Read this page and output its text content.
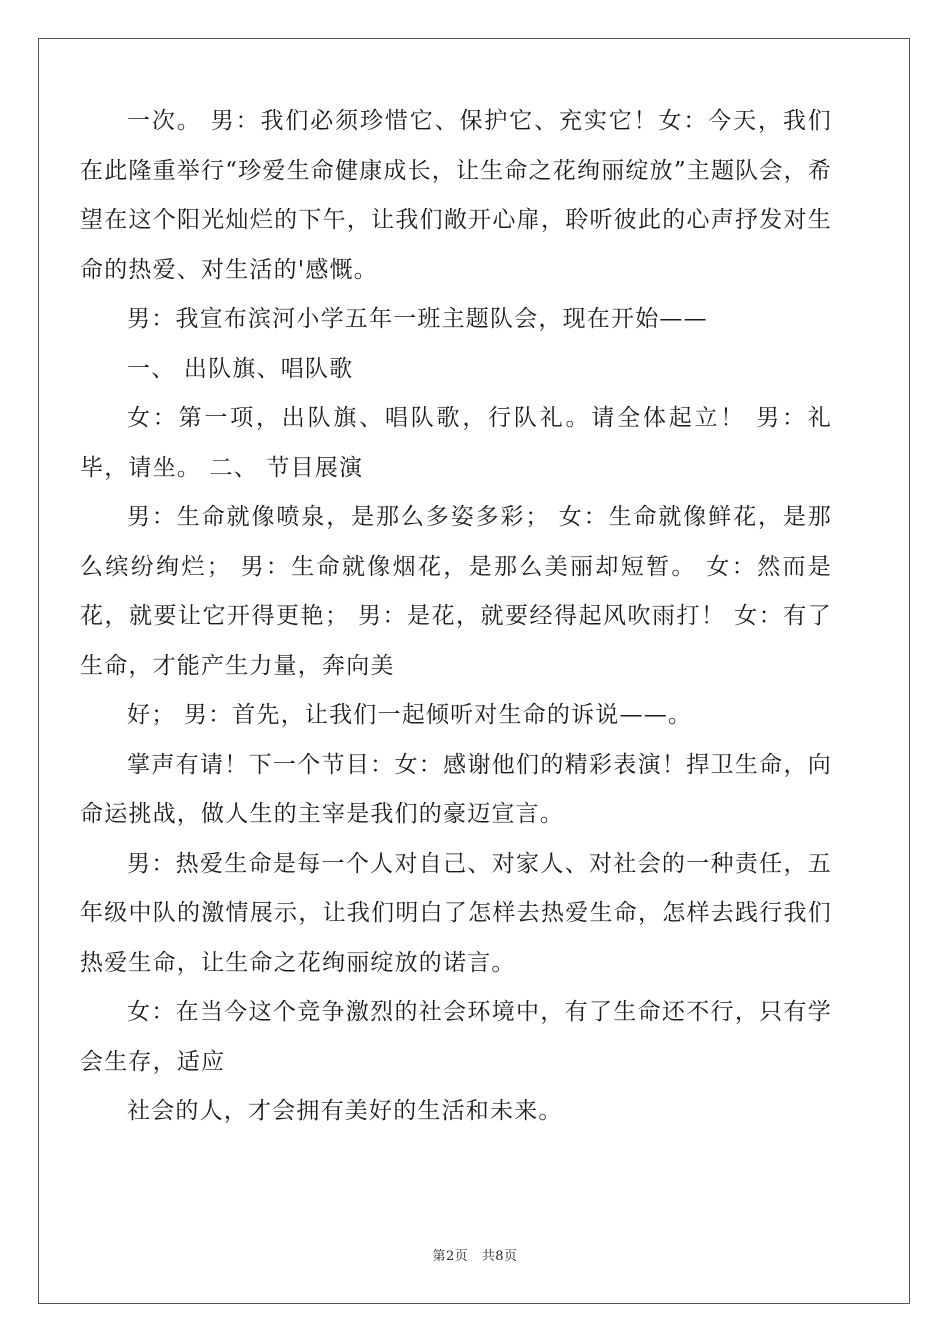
一次。 男：我们必须珍惜它、保护它、充实它！女：今天，我们在此隆重举行“珍爱生命健康成长，让生命之花绚丽绽放”主题队会，希望在这个阳光灿烂的下午，让我们敞开心扉，聆听彼此的心声抒发对生命的热爱、对生活的'感慨。

男：我宣布滨河小学五年一班主题队会，现在开始——

一、 出队旗、唱队歌

女：第一项，出队旗、唱队歌，行队礼。请全体起立！ 男：礼毕，请坐。 二、 节目展演

男：生命就像喷泉，是那么多姿多彩； 女：生命就像鲜花，是那么缤纷绚烂； 男：生命就像烟花，是那么美丽却短暂。 女：然而是花，就要让它开得更艳； 男：是花，就要经得起风吹雨打！ 女：有了生命，才能产生力量，奔向美

好； 男：首先，让我们一起倾听对生命的诉说——。

掌声有请！下一个节目：女：感谢他们的精彩表演！捍卫生命，向命运挑战，做人生的主宰是我们的豪迈宣言。

男：热爱生命是每一个人对自己、对家人、对社会的一种责任，五年级中队的激情展示，让我们明白了怎样去热爱生命，怎样去践行我们热爱生命，让生命之花绚丽绽放的诺言。

女：在当今这个竞争激烈的社会环境中，有了生命还不行，只有学会生存，适应

社会的人，才会拥有美好的生活和未来。

第2页　共8页
